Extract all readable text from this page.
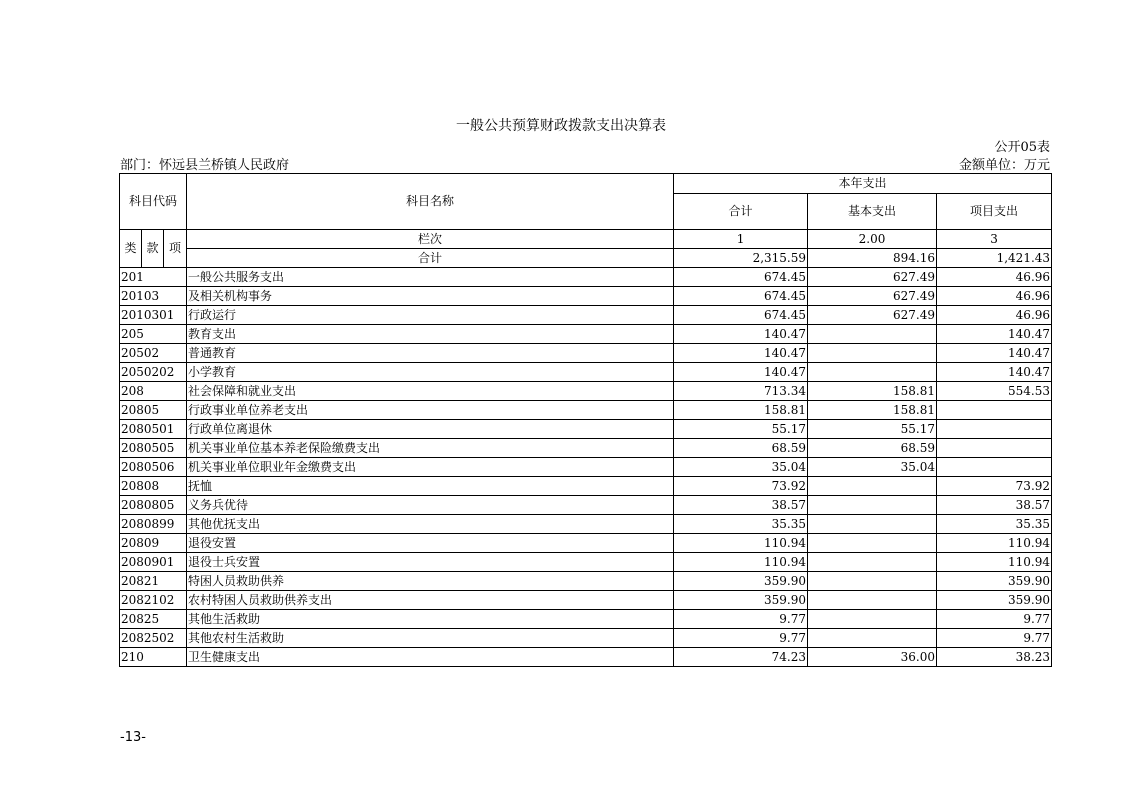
一般公共预算财政拨款支出决算表
公开05表
部门：怀远县兰桥镇人民政府	金额单位：万元
科目代码			科目名称	本年支出		
				合计	基本支出	项目支出

类	款	项	栏次	1	2.00	3
			合计	2,315.59	894.16	1,421.43
201			一般公共服务支出	674.45	627.49	46.96
20103			及相关机构事务	674.45	627.49	46.96
2010301			行政运行	674.45	627.49	46.96
205			教育支出	140.47		140.47
20502			普通教育	140.47		140.47
2050202			小学教育	140.47		140.47
208			社会保障和就业支出	713.34	158.81	554.53
20805			行政事业单位养老支出	158.81	158.81	
2080501			行政单位离退休	55.17	55.17	
2080505			机关事业单位基本养老保险缴费支出	68.59	68.59	
2080506			机关事业单位职业年金缴费支出	35.04	35.04	
20808			抚恤	73.92		73.92
2080805			义务兵优待	38.57		38.57
2080899			其他优抚支出	35.35		35.35
20809			退役安置	110.94		110.94
2080901			退役士兵安置	110.94		110.94
20821			特困人员救助供养	359.90		359.90
2082102			农村特困人员救助供养支出	359.90		359.90
20825			其他生活救助	9.77		9.77
2082502			其他农村生活救助	9.77		9.77
210			卫生健康支出	74.23	36.00	38.23
-13-
